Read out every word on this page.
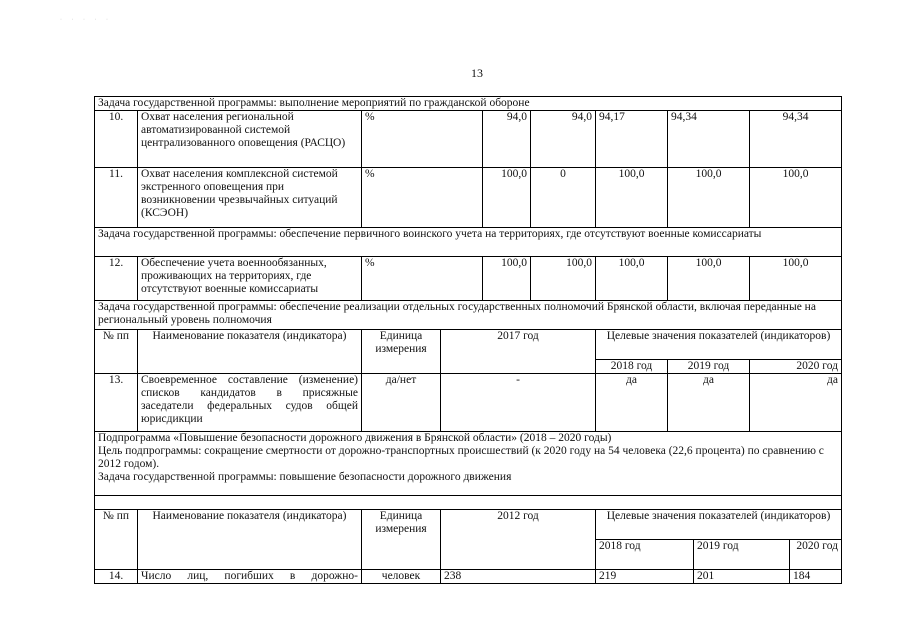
· · · · ·
13
Задача государственной программы: выполнение мероприятий по гражданской обороне										
10.	Охват населения региональной автоматизированной системой централизованного оповещения (РАСЦО)	%		94,0	94,0	94,17	94,34		94,34	
11.	Охват населения комплексной системой экстренного оповещения при возникновении чрезвычайных ситуаций (КСЭОН)	%		100,0	0	100,0	100,0		100,0	
Задача государственной программы: обеспечение первичного воинского учета на территориях, где отсутствуют военные комиссариаты										
12.	Обеспечение учета военнообязанных, проживающих на территориях, где отсутствуют военные комиссариаты	%		100,0	100,0	100,0	100,0		100,0	
Задача государственной программы: обеспечение реализации отдельных государственных полномочий Брянской области, включая переданные на региональный уровень полномочия										
№ пп	Наименование показателя (индикатора)	Единица измерения	2017 год			Целевые значения показателей (индикаторов)				
						2018 год	2019 год		2020 год	
13.	Своевременное составление (изменение) списков кандидатов в присяжные заседатели федеральных судов общей юрисдикции	да/нет	-			да	да		да	

Подпрограмма «Повышение безопасности дорожного движения в Брянской области» (2018 – 2020 годы)
Цель подпрограммы: сокращение смертности от дорожно-транспортных происшествий (к 2020 году на 54 человека (22,6 процента) по сравнению с 2012 годом).
Задача государственной программы: повышение безопасности дорожного движения										

№ пп	Наименование показателя (индикатора)	Единица измерения	2012 год			Целевые значения показателей (индикаторов)				
						2018 год		2019 год		2020 год
14.	Число лиц, погибших в дорожно-	человек	238			219		201		184
